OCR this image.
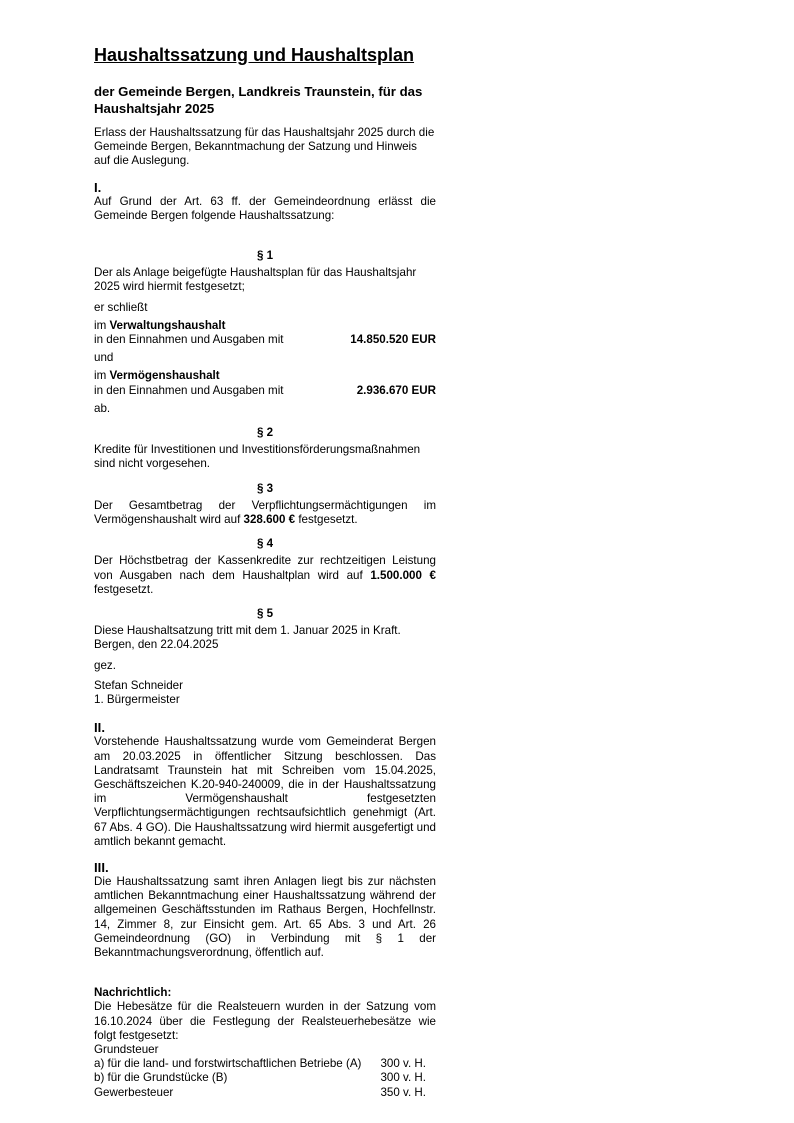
Haushaltssatzung und Haushaltsplan
der Gemeinde Bergen, Landkreis Traunstein, für das Haushaltsjahr 2025

Erlass der Haushaltssatzung für das Haushaltsjahr 2025 durch die Gemeinde Bergen, Bekanntmachung der Satzung und Hinweis auf die Auslegung.

I.

Auf Grund der Art. 63 ff. der Gemeindeordnung erlässt die Gemeinde Bergen folgende Haushaltssatzung:

§ 1

Der als Anlage beigefügte Haushaltsplan für das Haushaltsjahr 2025 wird hiermit festgesetzt;

er schließt

im Verwaltungshaushalt

in den Einnahmen und Ausgaben mit	14.850.520 EUR

und

im Vermögenshaushalt

in den Einnahmen und Ausgaben mit	2.936.670 EUR

ab.

§ 2

Kredite für Investitionen und Investitionsförderungsmaßnahmen sind nicht vorgesehen.

§ 3

Der Gesamtbetrag der Verpflichtungsermächtigungen im Vermögenshaushalt wird auf 328.600 € festgesetzt.

§ 4

Der Höchstbetrag der Kassenkredite zur rechtzeitigen Leistung von Ausgaben nach dem Haushaltplan wird auf 1.500.000 € festgesetzt.

§ 5

Diese Haushaltsatzung tritt mit dem 1. Januar 2025 in Kraft.

Bergen, den 22.04.2025

gez.

Stefan Schneider

1. Bürgermeister

II.

Vorstehende Haushaltssatzung wurde vom Gemeinderat Bergen am 20.03.2025 in öffentlicher Sitzung beschlossen. Das Landratsamt Traunstein hat mit Schreiben vom 15.04.2025, Geschäftszeichen K.20-940-240009, die in der Haushaltssatzung im Vermögenshaushalt festgesetzten Verpflichtungsermächtigungen rechtsaufsichtlich genehmigt (Art. 67 Abs. 4 GO). Die Haushaltssatzung wird hiermit ausgefertigt und amtlich bekannt gemacht.

III.

Die Haushaltssatzung samt ihren Anlagen liegt bis zur nächsten amtlichen Bekanntmachung einer Haushaltssatzung während der allgemeinen Geschäftsstunden im Rathaus Bergen, Hochfellnstr. 14, Zimmer 8, zur Einsicht gem. Art. 65 Abs. 3 und Art. 26 Gemeindeordnung (GO) in Verbindung mit § 1 der Bekanntmachungsverordnung, öffentlich auf.

Nachrichtlich:

Die Hebesätze für die Realsteuern wurden in der Satzung vom 16.10.2024 über die Festlegung der Realsteuerhebesätze wie folgt festgesetzt:

Grundsteuer

a) für die land- und forstwirtschaftlichen Betriebe (A) 300 v. H.
b) für die Grundstücke (B)	300 v. H.
Gewerbesteuer	350 v. H.
